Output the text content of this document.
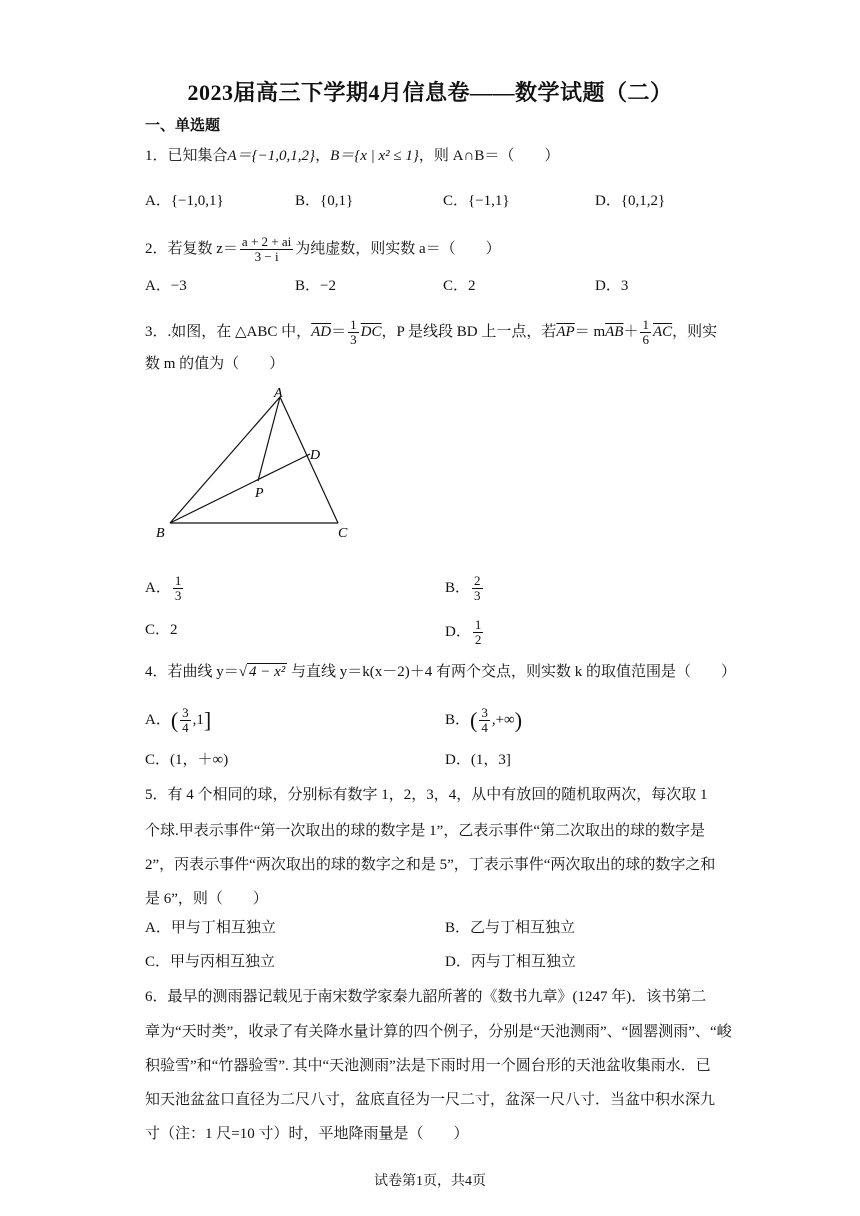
2023届高三下学期4月信息卷——数学试题（二）
一、单选题
1．已知集合A＝{−1,0,1,2}，B＝{x | x² ≤ 1}，则 A∩B＝（　　）
A．{−1,0,1}	B．{0,1}	C．{−1,1}	D．{0,1,2}
2．若复数 $z= \frac{a + 2 + ai}{3 - i}$ 为纯虚数，则实数 a＝（　　）
A．−3	B．−2	C．2	D．3
3．.如图，在 △ABC 中，$\overline{AD}= \frac{1}{3} \overline{DC}$，P 是线段 BD 上一点，若$\overline{AP}= m\overline{AB}+ \frac{1}{6} \overline{AC}$，则实
数 m 的值为（　　）
A
B	C
D
P
A． $\frac{1}{3}$	B． $\frac{2}{3}$
C．2	D． $\frac{1}{2}$
4．若曲线 y＝√ 4 − x² 与直线 y＝k(x－2)＋4 有两个交点，则实数 k 的取值范围是（　　）
A．( $\frac{3}{4} ,1$]	B．( $\frac{3}{4}$ ,+∞)
C．(1，＋∞)	D．(1，3]
5．有 4 个相同的球，分别标有数字 1，2，3，4，从中有放回的随机取两次，每次取 1
个球.甲表示事件“第一次取出的球的数字是 1”，乙表示事件“第二次取出的球的数字是
2”，丙表示事件“两次取出的球的数字之和是 5”，丁表示事件“两次取出的球的数字之和
是 6”，则（　　）
A．甲与丁相互独立	B．乙与丁相互独立
C．甲与丙相互独立	D．丙与丁相互独立
6．最早的测雨器记载见于南宋数学家秦九韶所著的《数书九章》(1247 年)．该书第二
章为“天时类”，收录了有关降水量计算的四个例子，分别是“天池测雨”、“圆罂测雨”、“峻
积验雪”和“竹器验雪”. 其中“天池测雨”法是下雨时用一个圆台形的天池盆收集雨水．已
知天池盆盆口直径为二尺八寸，盆底直径为一尺二寸，盆深一尺八寸．当盆中积水深九
寸（注：1 尺=10 寸）时，平地降雨量是（　　）
试卷第1页，共4页
